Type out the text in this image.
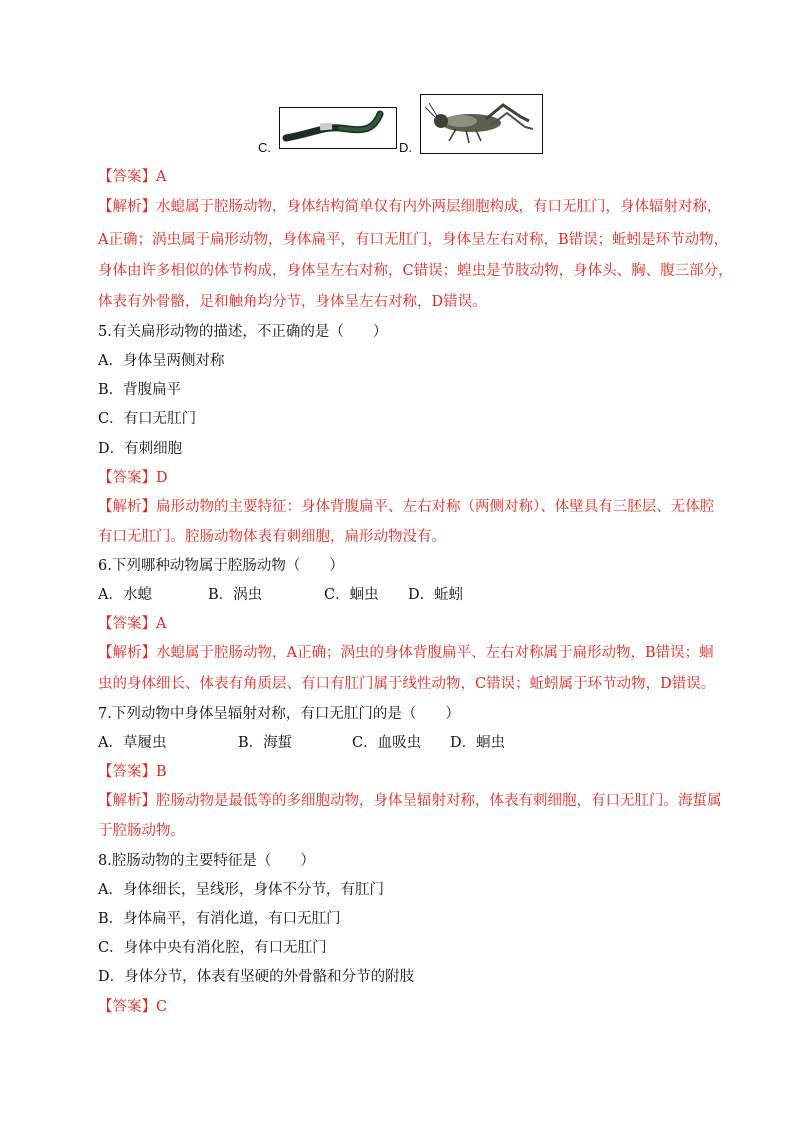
C.	D.
【答案】A
【解析】水螅属于腔肠动物，身体结构简单仅有内外两层细胞构成，有口无肛门，身体辐射对称，
A正确；涡虫属于扁形动物，身体扁平，有口无肛门，身体呈左右对称，B错误；蚯蚓是环节动物，
身体由许多相似的体节构成，身体呈左右对称，C错误；蝗虫是节肢动物，身体头、胸、腹三部分，
体表有外骨骼，足和触角均分节，身体呈左右对称，D错误。
5.有关扁形动物的描述，不正确的是（　　）
A．身体呈两侧对称
B．背腹扁平
C．有口无肛门
D．有刺细胞
【答案】D
【解析】扁形动物的主要特征：身体背腹扁平、左右对称（两侧对称）、体壁具有三胚层、无体腔
有口无肛门。腔肠动物体表有刺细胞，扁形动物没有。
6.下列哪种动物属于腔肠动物（　　）
A．水螅	B．涡虫	C．蛔虫 D．蚯蚓
【答案】A
【解析】水螅属于腔肠动物，A正确；涡虫的身体背腹扁平、左右对称属于扁形动物，B错误；蛔
虫的身体细长、体表有角质层、有口有肛门属于线性动物，C错误；蚯蚓属于环节动物，D错误。
7.下列动物中身体呈辐射对称，有口无肛门的是（　　）
A．草履虫	B．海蜇	C．血吸虫 D．蛔虫
【答案】B
【解析】腔肠动物是最低等的多细胞动物，身体呈辐射对称，体表有刺细胞，有口无肛门。海蜇属
于腔肠动物。
8.腔肠动物的主要特征是（　　）
A．身体细长，呈线形，身体不分节，有肛门
B．身体扁平，有消化道，有口无肛门
C．身体中央有消化腔，有口无肛门
D．身体分节，体表有坚硬的外骨骼和分节的附肢
【答案】C
